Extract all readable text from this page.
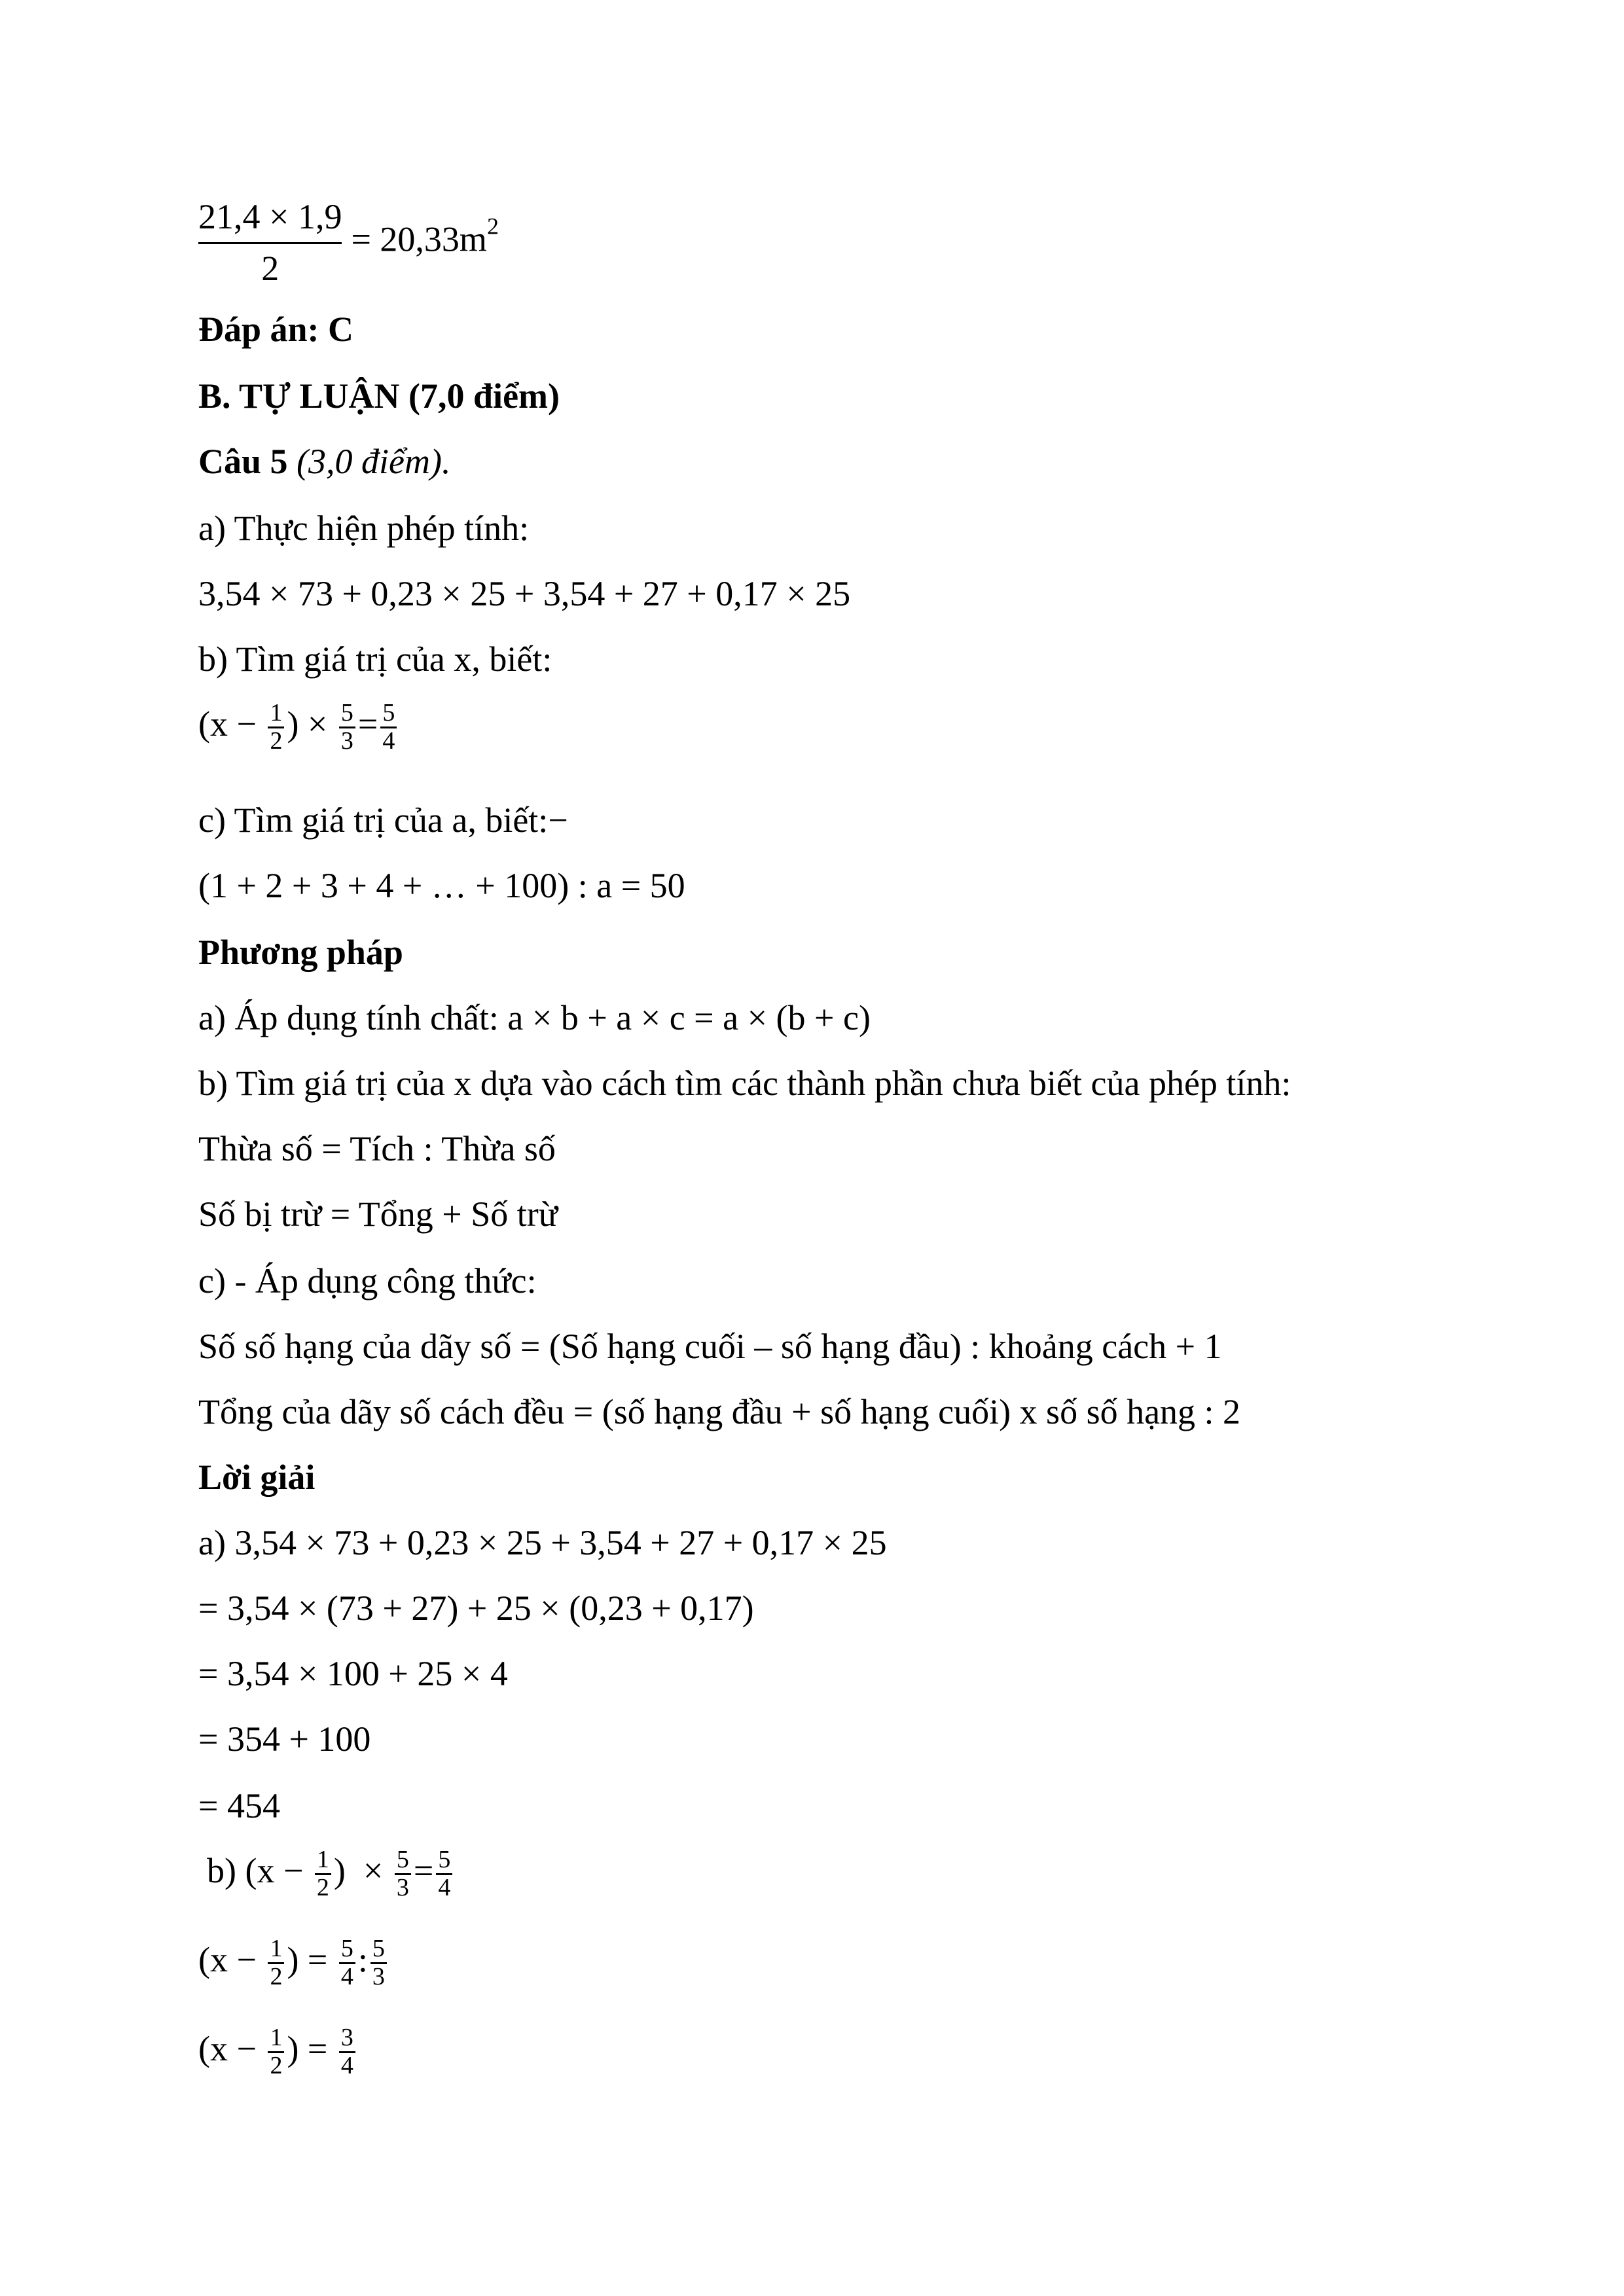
$\frac{21,4 \times 1,9}{2} = 20,33m^2$
Đáp án: C
B. TỰ LUẬN (7,0 điểm)
Câu 5 (3,0 điểm).
a) Thực hiện phép tính:
3,54 × 73 + 0,23 × 25 + 3,54 + 27 + 0,17 × 25
b) Tìm giá trị của x, biết:
($x - \frac{1}{2}$ ) × $\frac{5}{3} = \frac{5}{4}$
c) Tìm giá trị của a, biết:−
(1 + 2 + 3 + 4 + … + 100) : a = 50
Phương pháp
a) Áp dụng tính chất: a × b + a × c = a × (b + c)
b) Tìm giá trị của x dựa vào cách tìm các thành phần chưa biết của phép tính:
Thừa số = Tích : Thừa số
Số bị trừ = Tổng + Số trừ
c) - Áp dụng công thức:
Số số hạng của dãy số = (Số hạng cuối – số hạng đầu) : khoảng cách + 1
Tổng của dãy số cách đều = (số hạng đầu + số hạng cuối) x số số hạng : 2
Lời giải
a) 3,54 × 73 + 0,23 × 25 + 3,54 + 27 + 0,17 × 25
= 3,54 × (73 + 27) + 25 × (0,23 + 0,17)
= 3,54 × 100 + 25 × 4
= 354 + 100
= 454
b) ($x - \frac{1}{2}$ ) × $\frac{5}{3} = \frac{5}{4}$
($x - \frac{1}{2}$ ) = $\frac{5}{4}$ : $\frac{5}{3}$
($x - \frac{1}{2}$ ) = $\frac{3}{4}$
